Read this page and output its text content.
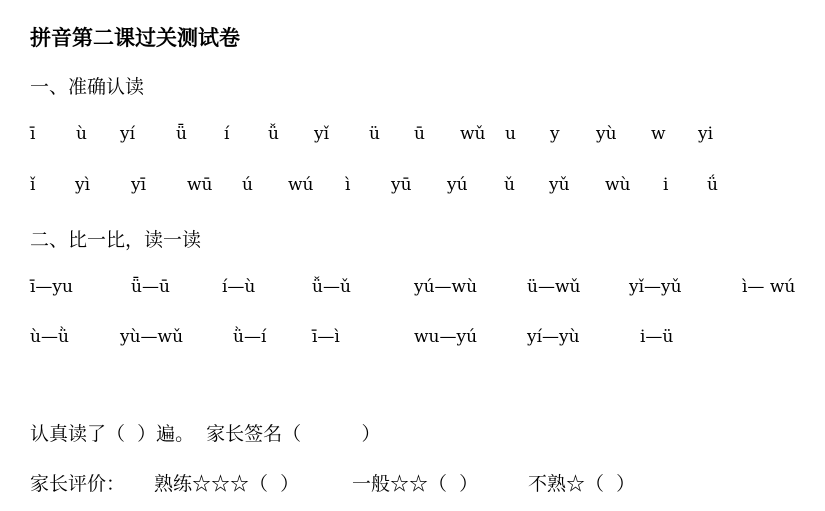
拼音第二课过关测试卷
一、准确认读
ī ù yí ǖ í ǚ yǐ ü ū wǔ u y yù w yi
ǐ yì yī wū ú wú ì yū yú ǔ yǔ wù i ǘ
二、比一比，读一读
ī—yu	ǖ—ū	í—ù	ǚ—ǔ	yú—wù	ü—wǔ	yǐ—yǔ	ì— wú
ù—ǜ	yù—wǔ	ǜ—í	ī—ì	wu—yú	yí—yù	i—ü
认真读了（  ）遍。  家长签名（          ）
家长评价： 熟练☆☆☆（  ）	一般☆☆（  ）	不熟☆（  ）
